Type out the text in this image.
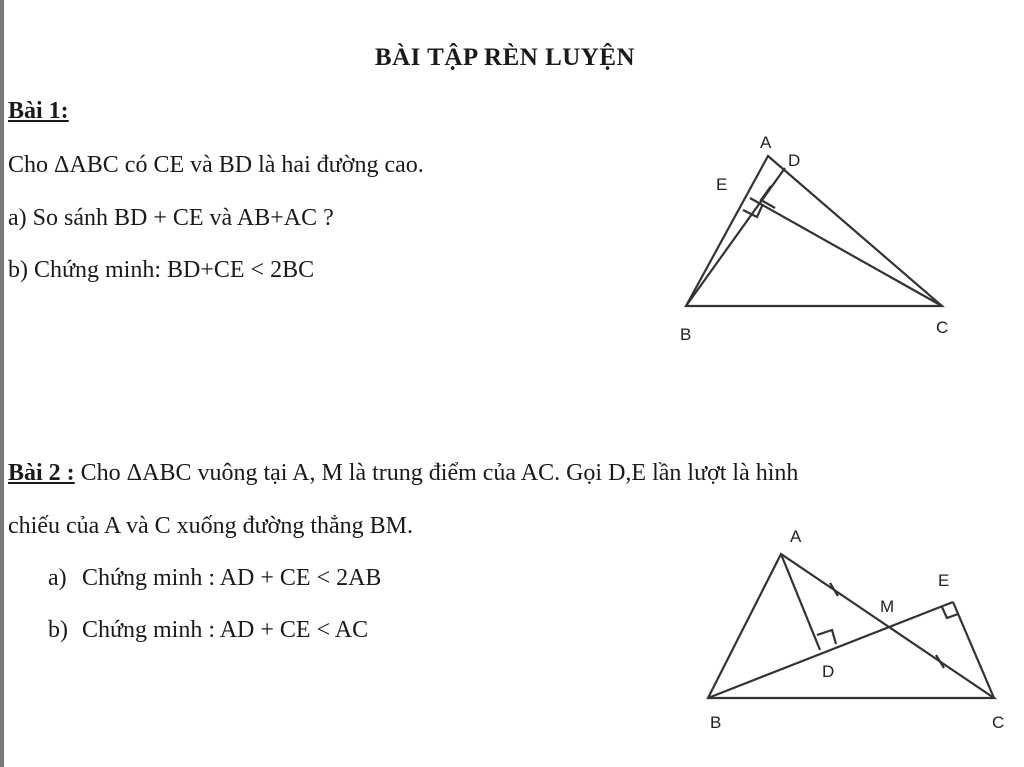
BÀI TẬP RÈN LUYỆN
Bài 1:
Cho ΔABC có CE và BD là hai đường cao.
a) So sánh BD + CE và AB+AC ?
b) Chứng minh: BD+CE < 2BC
A
B	C
D
E
Bài 2 : Cho ΔABC vuông tại A, M là trung điểm của AC. Gọi D,E lần lượt là hình
chiếu của A và C xuống đường thẳng BM.
a) Chứng minh : AD + CE < 2AB
b) Chứng minh : AD + CE < AC
A
B	C
D
E
M
